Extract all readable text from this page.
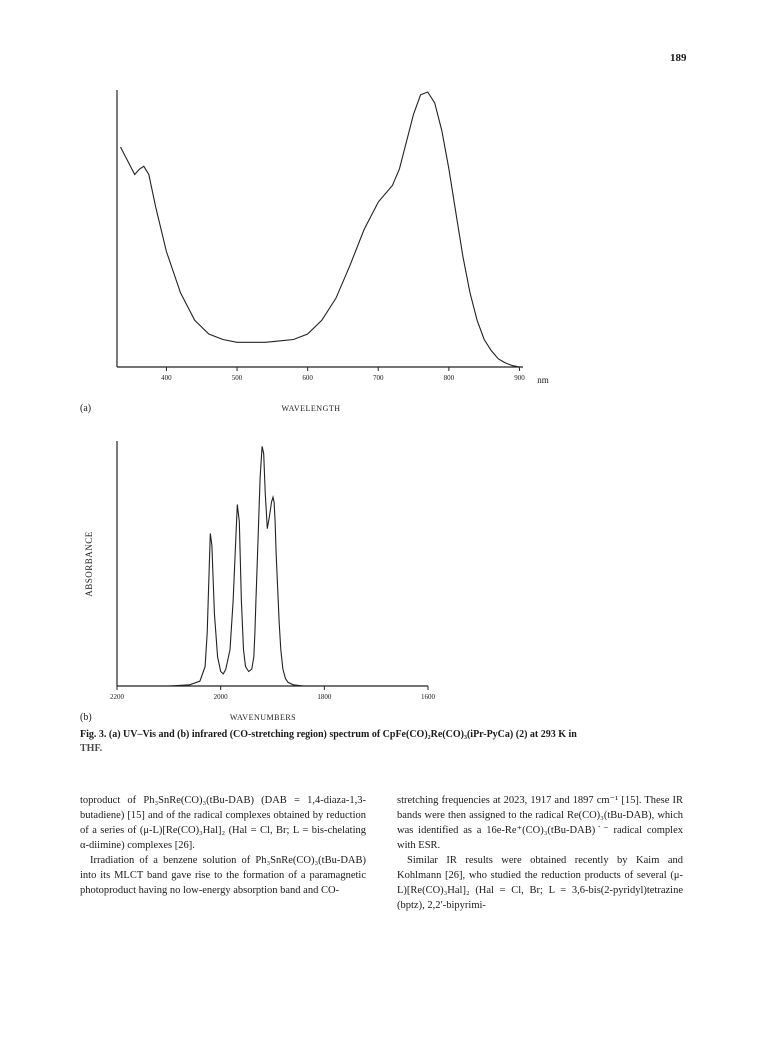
189
400	500	600	700	800	900 nm
WAVELENGTH
(a)
2200	2000	1800	1600
ABSORBANCE
WAVENUMBERS
(b)
Fig. 3. (a) UV–Vis and (b) infrared (CO-stretching region) spectrum of CpFe(CO)₂Re(CO)₃(iPr-PyCa) (2) at 293 K in
THF.

toproduct of Ph₃SnRe(CO)₃(tBu-DAB) (DAB = 1,4-diaza-1,3-butadiene) [15] and of the radical complexes obtained by reduction of a series of (μ-L)[Re(CO)₃Hal]₂ (Hal = Cl, Br; L = bis-chelating α-diimine) complexes [26].

Irradiation of a benzene solution of Ph₃SnRe(CO)₃(tBu-DAB) into its MLCT band gave rise to the formation of a paramagnetic photoproduct having no low-energy absorption band and CO-

stretching frequencies at 2023, 1917 and 1897 cm⁻¹ [15]. These IR bands were then assigned to the radical Re(CO)₃(tBu-DAB), which was identified as a 16e-Re⁺(CO)₃(tBu-DAB)˙⁻ radical complex with ESR.

Similar IR results were obtained recently by Kaim and Kohlmann [26], who studied the reduction products of several (μ-L)[Re(CO)₃Hal]₂ (Hal = Cl, Br; L = 3,6-bis(2-pyridyl)tetrazine (bptz), 2,2′-bipyrimi-
